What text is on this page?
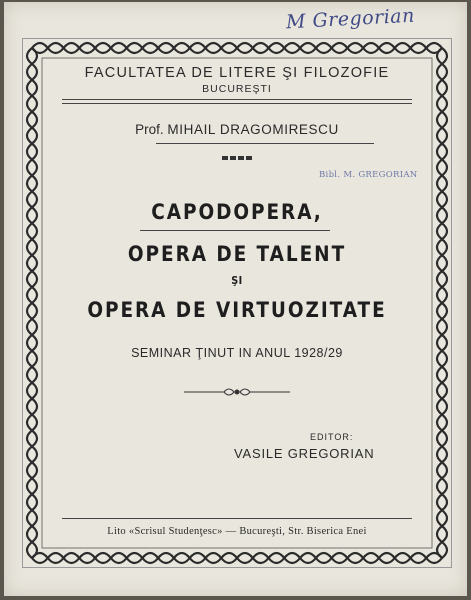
M Gregorian
FACULTATEA DE LITERE ŞI FILOZOFIE
BUCUREŞTI
Prof. MIHAIL DRAGOMIRESCU
Bibl. M. GREGORIAN
CAPODOPERA,
OPERA DE TALENT
ŞI
OPERA DE VIRTUOZITATE
SEMINAR ŢINUT IN ANUL 1928/29
EDITOR:
VASILE GREGORIAN
Lito «Scrisul Studenţesc» — Bucureşti, Str. Biserica Enei
